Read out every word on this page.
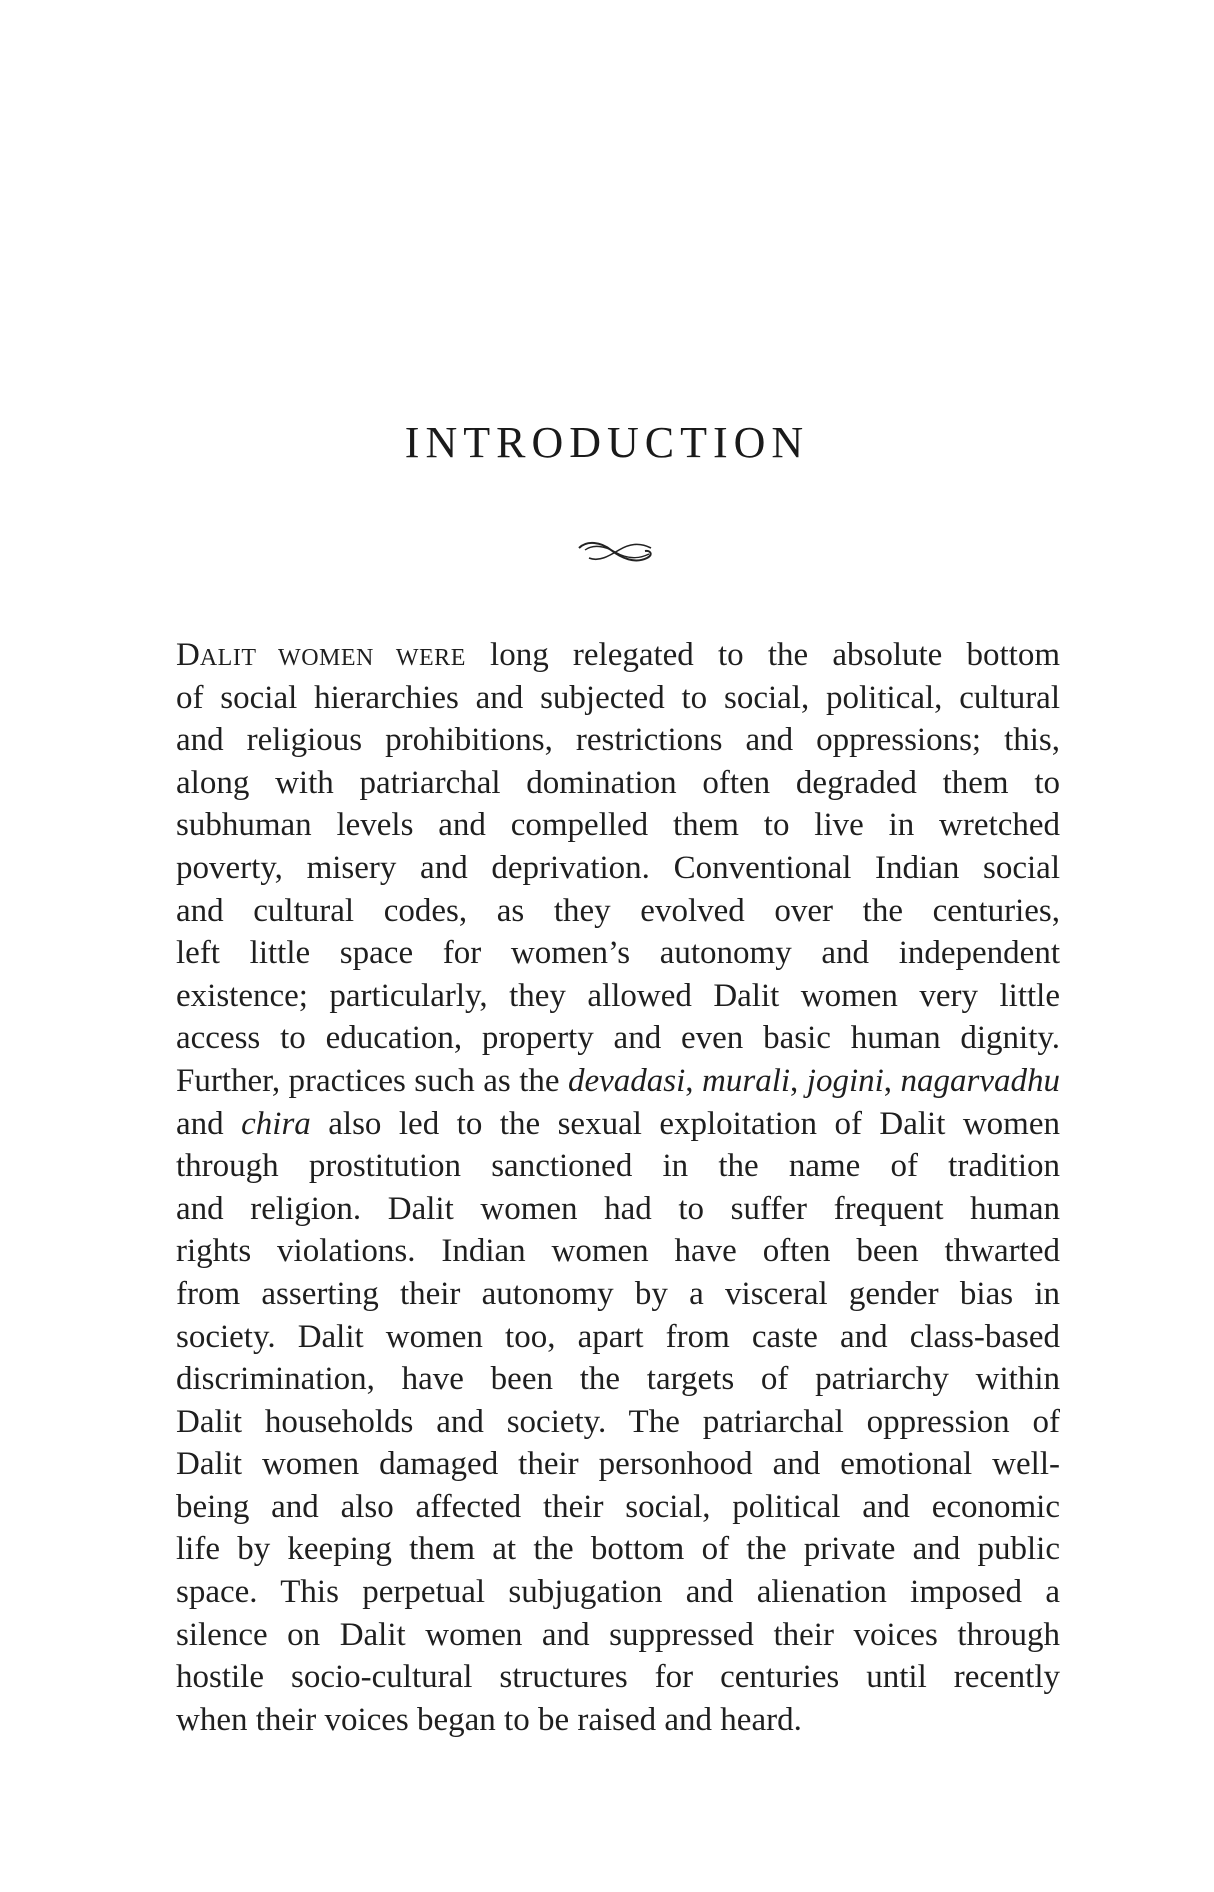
INTRODUCTION
DALIT WOMEN WERE long relegated to the absolute bottom
of social hierarchies and subjected to social, political, cultural
and religious prohibitions, restrictions and oppressions; this,
along with patriarchal domination often degraded them to
subhuman levels and compelled them to live in wretched
poverty, misery and deprivation. Conventional Indian social
and cultural codes, as they evolved over the centuries,
left little space for women’s autonomy and independent
existence; particularly, they allowed Dalit women very little
access to education, property and even basic human dignity.
Further, practices such as the devadasi, murali, jogini, nagarvadhu
and chira also led to the sexual exploitation of Dalit women
through prostitution sanctioned in the name of tradition
and religion. Dalit women had to suffer frequent human
rights violations. Indian women have often been thwarted
from asserting their autonomy by a visceral gender bias in
society. Dalit women too, apart from caste and class-based
discrimination, have been the targets of patriarchy within
Dalit households and society. The patriarchal oppression of
Dalit women damaged their personhood and emotional well-
being and also affected their social, political and economic
life by keeping them at the bottom of the private and public
space. This perpetual subjugation and alienation imposed a
silence on Dalit women and suppressed their voices through
hostile socio-cultural structures for centuries until recently
when their voices began to be raised and heard.
